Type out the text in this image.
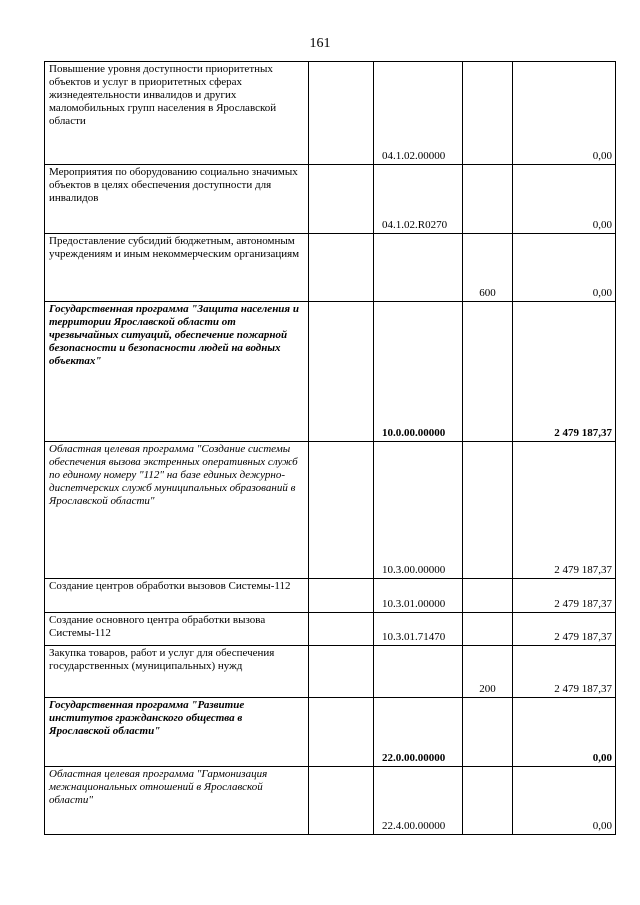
161
Повышение уровня доступности приоритетных объектов и услуг в приоритетных сферах жизнедеятельности инвалидов и других маломобильных групп населения в Ярославской области		04.1.02.00000		0,00
Мероприятия по оборудованию социально значимых объектов в целях обеспечения доступности для инвалидов		04.1.02.R0270		0,00
Предоставление субсидий бюджетным, автономным учреждениям и иным некоммерческим организациям			600	0,00
Государственная программа "Защита населения и территории Ярославской области от чрезвычайных ситуаций, обеспечение пожарной безопасности и безопасности людей на водных объектах"		10.0.00.00000		2 479 187,37
Областная целевая программа "Создание системы обеспечения вызова экстренных оперативных служб по единому номеру "112" на базе единых дежурно-диспетчерских служб муниципальных образований в Ярославской области"		10.3.00.00000		2 479 187,37
Создание центров обработки вызовов Системы-112		10.3.01.00000		2 479 187,37
Создание основного центра обработки вызова Системы-112		10.3.01.71470		2 479 187,37
Закупка товаров, работ и услуг для обеспечения государственных (муниципальных) нужд			200	2 479 187,37
Государственная программа "Развитие институтов гражданского общества в Ярославской области"		22.0.00.00000		0,00
Областная целевая программа "Гармонизация межнациональных отношений в Ярославской области"		22.4.00.00000		0,00
